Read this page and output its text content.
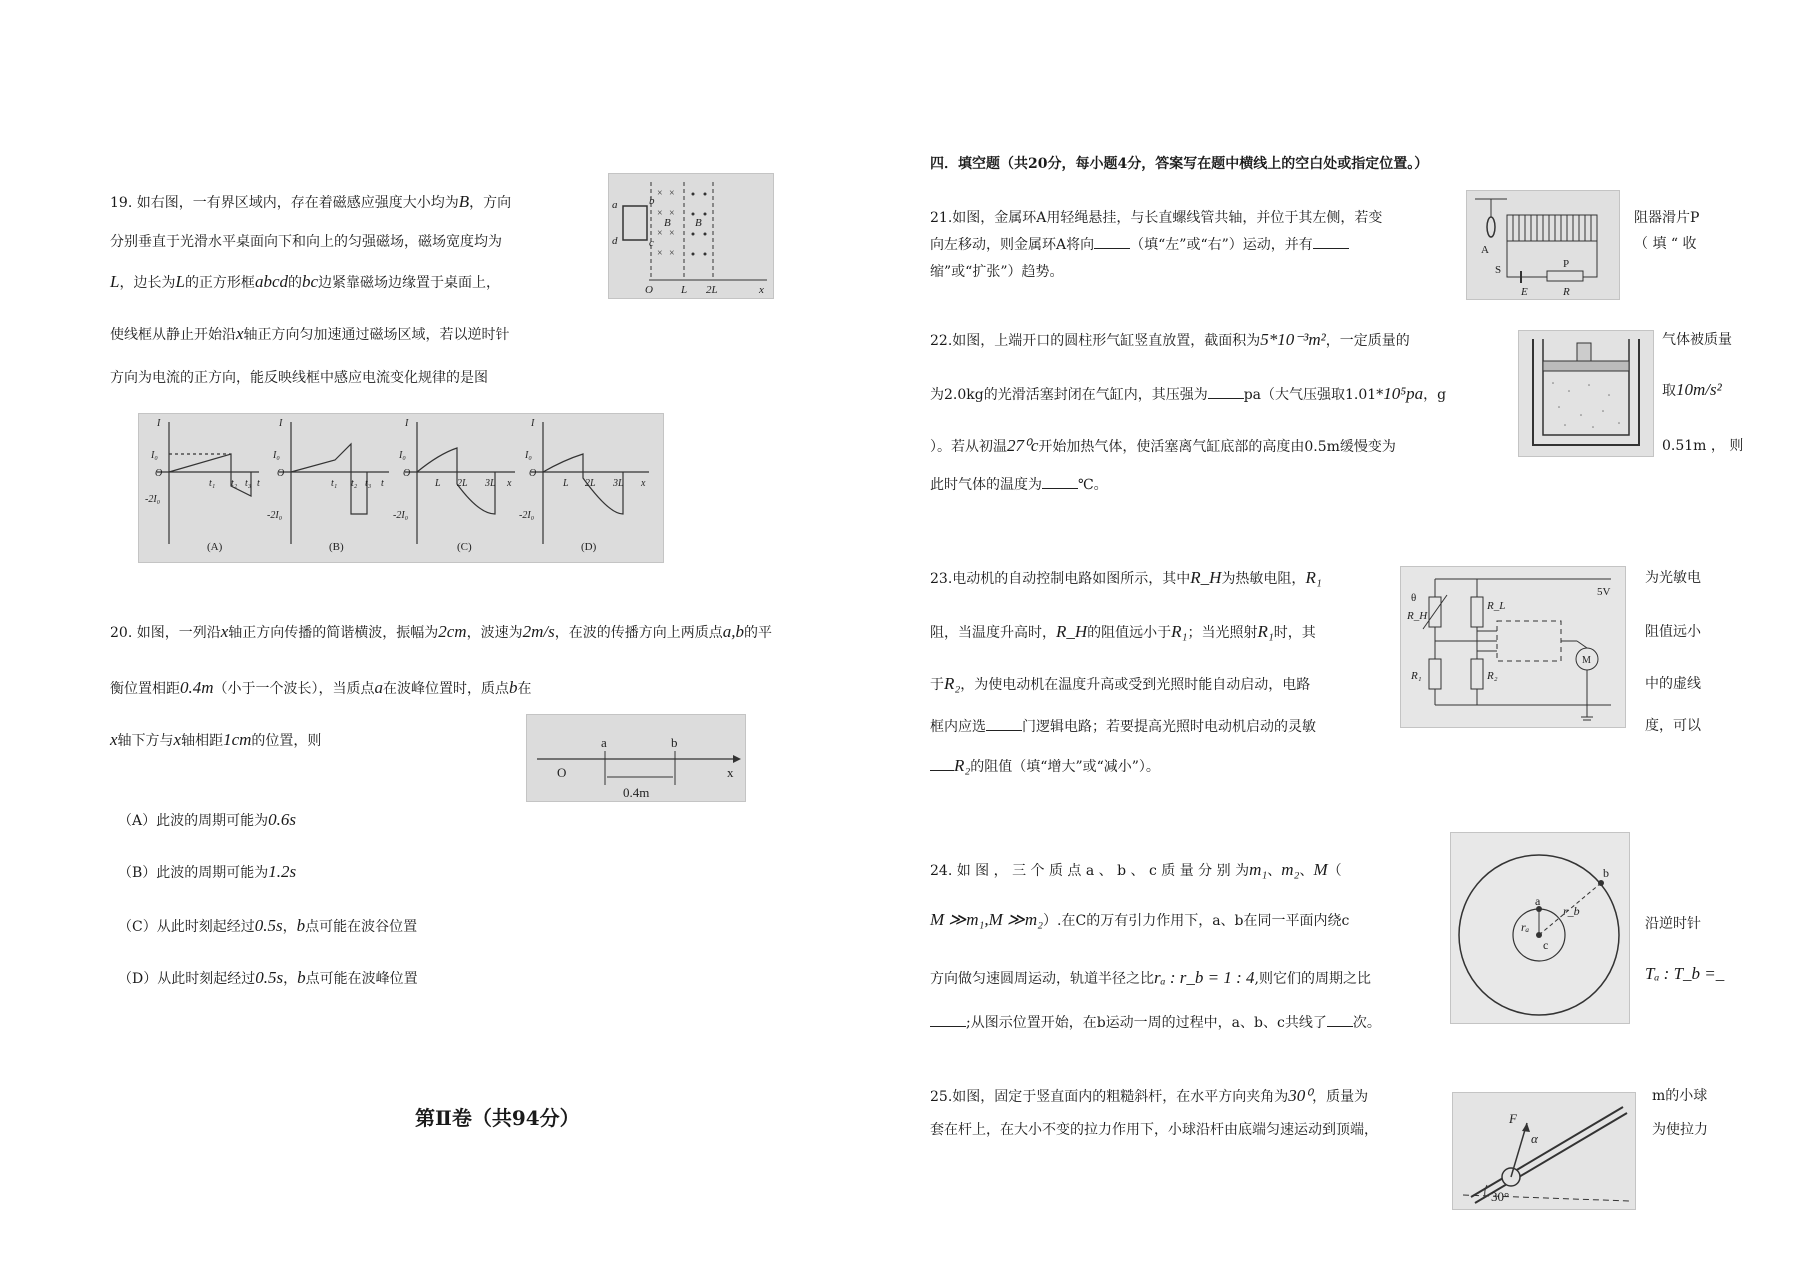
19. 如右图，一有界区域内，存在着磁感应强度大小均为B，方向
分别垂直于光滑水平桌面向下和向上的匀强磁场，磁场宽度均为
L，边长为L的正方形框abcd的bc边紧靠磁场边缘置于桌面上，
使线框从静止开始沿x轴正方向匀加速通过磁场区域，若以逆时针
方向为电流的正方向，能反映线框中感应电流变化规律的是图
× ×
× ×
× ×
× ×
a	b
d	c
B B
O	L 2L	x
I
I₀
O
-2I₀
t₁ t₂ t₃ t
I
I₀
O
-2I₀
t₁ t₂ t₃ t
I
I₀
O
-2I₀
L 2L 3L x
I
I₀
O
-2I₀
L 2L 3L x
(A)	(B)	(C)	(D)
20. 如图，一列沿x轴正方向传播的简谐横波，振幅为2cm，波速为2m/s，在波的传播方向上两质点a,b的平
衡位置相距0.4m（小于一个波长），当质点a在波峰位置时，质点b在
x轴下方与x轴相距1cm的位置，则
O
a	b
x
0.4m
（A）此波的周期可能为0.6s
（B）此波的周期可能为1.2s
（C）从此时刻起经过0.5s，b点可能在波谷位置
（D）从此时刻起经过0.5s，b点可能在波峰位置
第Ⅱ卷（共94分）
四．填空题（共20分，每小题4分，答案写在题中横线上的空白处或指定位置。）
21.如图，金属环A用轻绳悬挂，与长直螺线管共轴，并位于其左侧，若变	阻器滑片P
向左移动，则金属环A将向	（填“左”或“右”）运动，并有	（ 填 “ 收
缩”或“扩张”）趋势。
A
S	P
E	R
22.如图，上端开口的圆柱形气缸竖直放置，截面积为5*10⁻³m²，一定质量的	气体被质量
为2.0kg的光滑活塞封闭在气缸内，其压强为	pa（大气压强取1.01*10⁵pa，g	取10m/s²
）。若从初温27⁰c开始加热气体，使活塞离气缸底部的高度由0.5m缓慢变为	0.51m ， 则
此时气体的温度为	℃。
23.电动机的自动控制电路如图所示，其中R_H为热敏电阻，R₁	为光敏电
阻，当温度升高时，R_H的阻值远小于R₁；当光照射R₁时，其	阻值远小
于R₂，为使电动机在温度升高或受到光照时能自动启动，电路	中的虚线
框内应选	门逻辑电路；若要提高光照时电动机启动的灵敏	度，可以
R₂的阻值（填“增大”或“减小”）。
θ
R_H
R_L
R₁	R₂
5V
M
24. 如 图 ， 三 个 质 点 a 、 b 、 c 质 量 分 别 为m₁、m₂、M（
M ≫m₁,M ≫m₂）.在C的万有引力作用下，a、b在同一平面内绕c	沿逆时针
方向做匀速圆周运动，轨道半径之比rₐ : r_b = 1 : 4,则它们的周期之比	Tₐ : T_b =_
;从图示位置开始，在b运动一周的过程中，a、b、c共线了 次。
a
b
c
rₐ
r_b
25.如图，固定于竖直面内的粗糙斜杆，在水平方向夹角为30⁰，质量为	m的小球
套在杆上，在大小不变的拉力作用下，小球沿杆由底端匀速运动到顶端，	为使拉力
F
α
30°
